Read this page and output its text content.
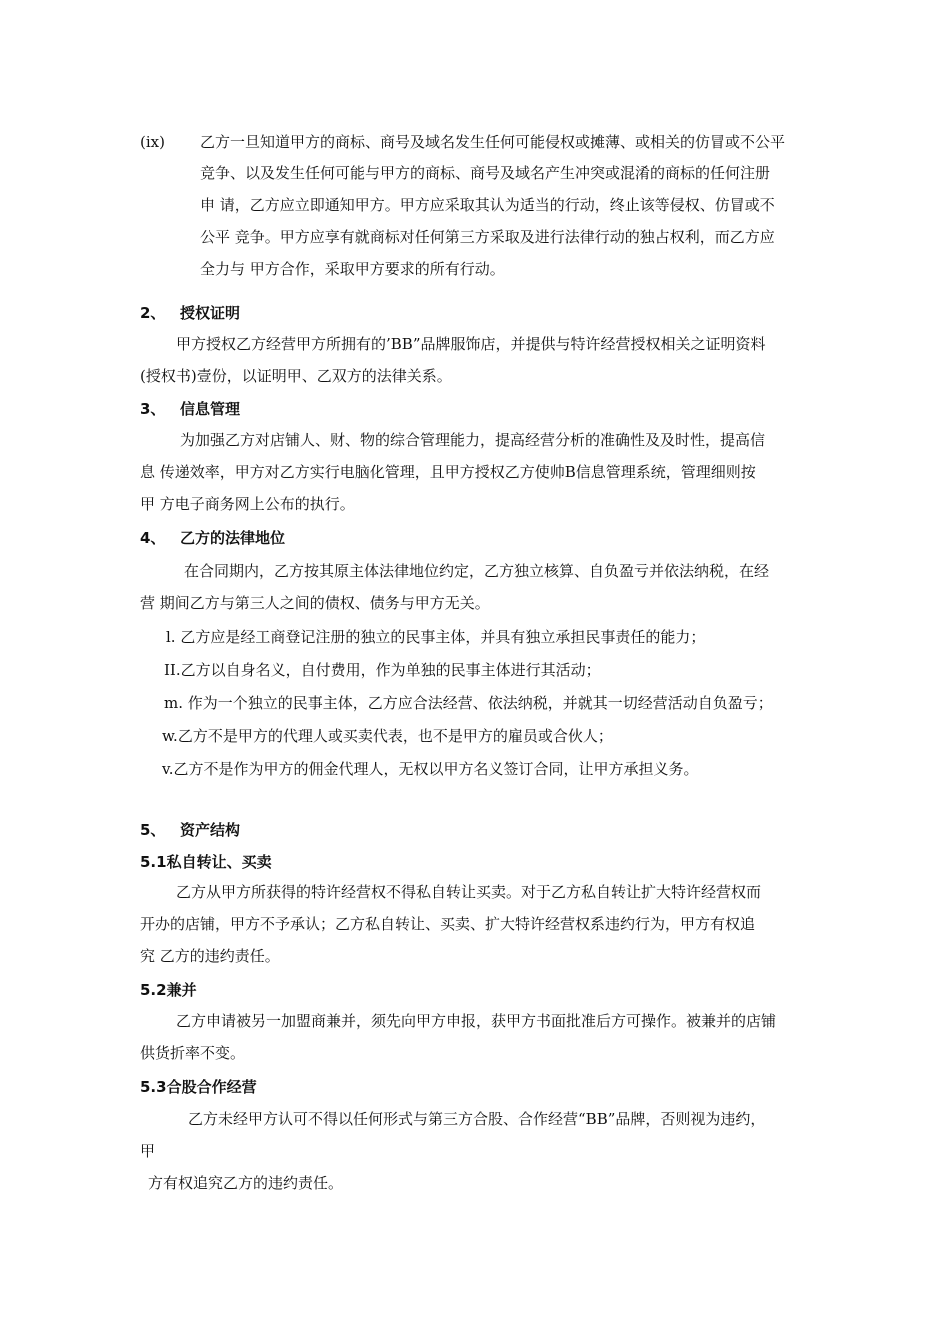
(ix) 乙方一旦知道甲方的商标、商号及域名发生任何可能侵权或摊薄、或相关的仿冒或不公平
竞争、以及发生任何可能与甲方的商标、商号及域名产生冲突或混淆的商标的任何注册
申 请，乙方应立即通知甲方。甲方应采取其认为适当的行动，终止该等侵权、仿冒或不
公平 竞争。甲方应享有就商标对任何第三方采取及进行法律行动的独占权利，而乙方应
全力与 甲方合作，采取甲方要求的所有行动。
2、 授权证明
甲方授权乙方经营甲方所拥有的’BB”品牌服饰店，并提供与特许经营授权相关之证明资料
(授权书)壹份，以证明甲、乙双方的法律关系。
3、 信息管理
为加强乙方对店铺人、财、物的综合管理能力，提高经营分析的准确性及及时性，提高信
息 传递效率，甲方对乙方实行电脑化管理，且甲方授权乙方使帅B信息管理系统，管理细则按
甲 方电子商务网上公布的执行。
4、 乙方的法律地位
在合同期内，乙方按其原主体法律地位约定，乙方独立核算、自负盈亏并依法纳税，在经
营 期间乙方与第三人之间的债权、债务与甲方无关。
l. 乙方应是经工商登记注册的独立的民事主体，并具有独立承担民事责任的能力；
II.乙方以自身名义，自付费用，作为单独的民事主体进行其活动；
m. 作为一个独立的民事主体，乙方应合法经营、依法纳税，并就其一切经营活动自负盈亏；
w.乙方不是甲方的代理人或买卖代表，也不是甲方的雇员或合伙人；
v.乙方不是作为甲方的佣金代理人，无权以甲方名义签订合同，让甲方承担义务。
5、 资产结构
5.1私自转让、买卖
乙方从甲方所获得的特许经营权不得私自转让买卖。对于乙方私自转让扩大特许经营权而
开办的店铺，甲方不予承认；乙方私自转让、买卖、扩大特许经营权系违约行为，甲方有权追
究 乙方的违约责任。
5.2兼并
乙方申请被另一加盟商兼并，须先向甲方申报，获甲方书面批准后方可操作。被兼并的店铺
供货折率不变。
5.3合股合作经营
乙方未经甲方认可不得以任何形式与第三方合股、合作经营“BB”品牌，否则视为违约，
甲
方有权追究乙方的违约责任。
